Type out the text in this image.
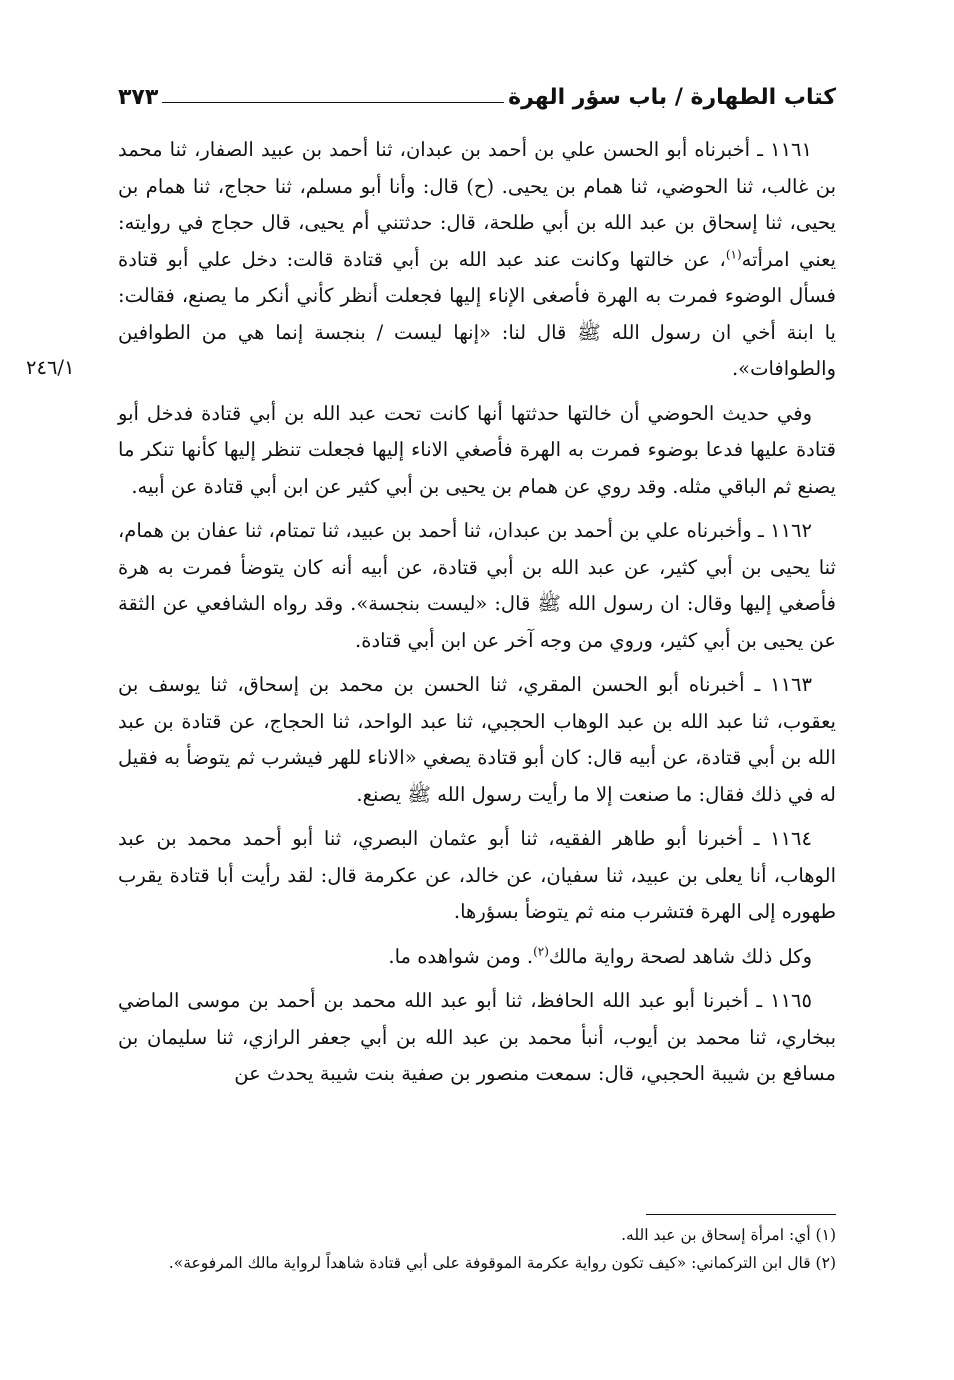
كتاب الطهارة / باب سؤر الهرة
٣٧٣

١١٦١ ـ أخبرناه أبو الحسن علي بن أحمد بن عبدان، ثنا أحمد بن عبيد الصفار، ثنا محمد بن غالب، ثنا الحوضي، ثنا همام بن يحيى. (ح) قال: وأنا أبو مسلم، ثنا حجاج، ثنا همام بن يحيى، ثنا إسحاق بن عبد الله بن أبي طلحة، قال: حدثتني أم يحيى، قال حجاج في روايته: يعني امرأته$^{(١)}$، عن خالتها وكانت عند عبد الله بن أبي قتادة قالت: دخل علي أبو قتادة فسأل الوضوء فمرت به الهرة فأصغى الإناء إليها فجعلت أنظر كأني أنكر ما يصنع، فقالت: يا ابنة أخي ان رسول الله ﷺ قال لنا: «إنها ليست / بنجسة إنما هي من الطوافين والطوافات».
٢٤٦/١

وفي حديث الحوضي أن خالتها حدثتها أنها كانت تحت عبد الله بن أبي قتادة فدخل أبو قتادة عليها فدعا بوضوء فمرت به الهرة فأصغي الاناء إليها فجعلت تنظر إليها كأنها تنكر ما يصنع ثم الباقي مثله. وقد روي عن همام بن يحيى بن أبي كثير عن ابن أبي قتادة عن أبيه.

١١٦٢ ـ وأخبرناه علي بن أحمد بن عبدان، ثنا أحمد بن عبيد، ثنا تمتام، ثنا عفان بن همام، ثنا يحيى بن أبي كثير، عن عبد الله بن أبي قتادة، عن أبيه أنه كان يتوضأ فمرت به هرة فأصغي إليها وقال: ان رسول الله ﷺ قال: «ليست بنجسة». وقد رواه الشافعي عن الثقة عن يحيى بن أبي كثير، وروي من وجه آخر عن ابن أبي قتادة.

١١٦٣ ـ أخبرناه أبو الحسن المقري، ثنا الحسن بن محمد بن إسحاق، ثنا يوسف بن يعقوب، ثنا عبد الله بن عبد الوهاب الحجبي، ثنا عبد الواحد، ثنا الحجاج، عن قتادة بن عبد الله بن أبي قتادة، عن أبيه قال: كان أبو قتادة يصغي «الاناء للهر فيشرب ثم يتوضأ به فقيل له في ذلك فقال: ما صنعت إلا ما رأيت رسول الله ﷺ يصنع.

١١٦٤ ـ أخبرنا أبو طاهر الفقيه، ثنا أبو عثمان البصري، ثنا أبو أحمد محمد بن عبد الوهاب، أنا يعلى بن عبيد، ثنا سفيان، عن خالد، عن عكرمة قال: لقد رأيت أبا قتادة يقرب طهوره إلى الهرة فتشرب منه ثم يتوضأ بسؤرها.

وكل ذلك شاهد لصحة رواية مالك$^{(٢)}$. ومن شواهده ما.

١١٦٥ ـ أخبرنا أبو عبد الله الحافظ، ثنا أبو عبد الله محمد بن أحمد بن موسى الماضي ببخاري، ثنا محمد بن أيوب، أنبأ محمد بن عبد الله بن أبي جعفر الرازي، ثنا سليمان بن مسافع بن شيبة الحجبي، قال: سمعت منصور بن صفية بنت شيبة يحدث عن

(١) أي: امرأة إسحاق بن عبد الله.
(٢) قال ابن التركماني: «كيف تكون رواية عكرمة الموقوفة على أبي قتادة شاهداً لرواية مالك المرفوعة».
